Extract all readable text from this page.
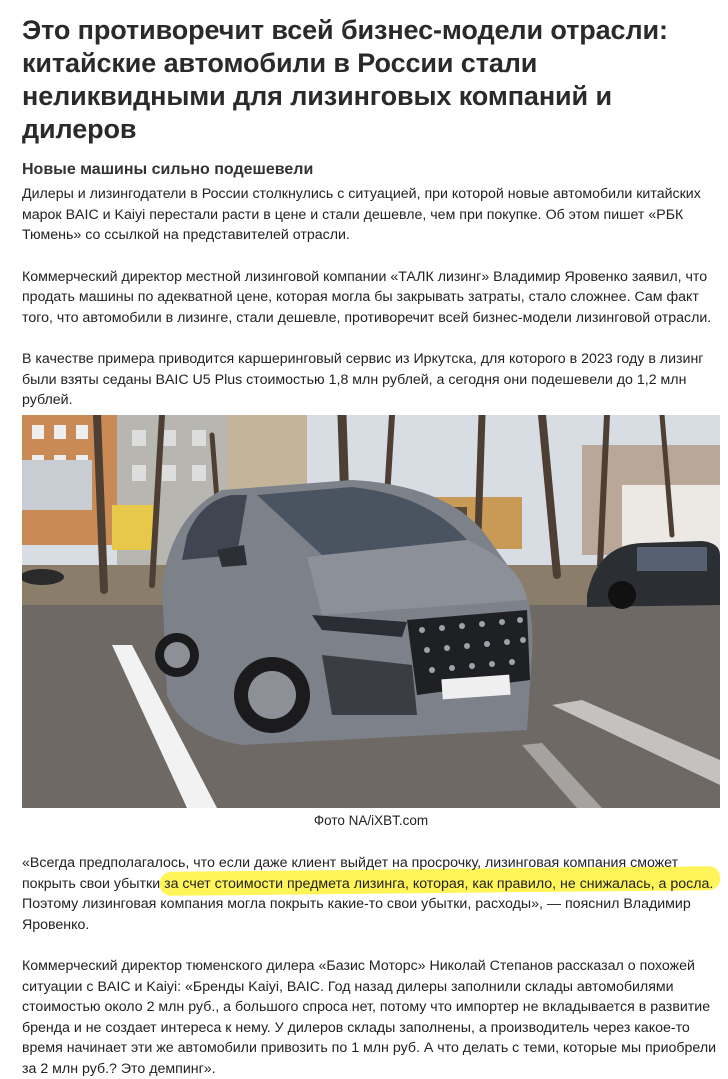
Это противоречит всей бизнес-модели отрасли: китайские автомобили в России стали неликвидными для лизинговых компаний и дилеров
Новые машины сильно подешевели

Дилеры и лизингодатели в России столкнулись с ситуацией, при которой новые автомобили китайских марок BAIC и Kaiyi перестали расти в цене и стали дешевле, чем при покупке. Об этом пишет «РБК Тюмень» со ссылкой на представителей отрасли.

Коммерческий директор местной лизинговой компании «ТАЛК лизинг» Владимир Яровенко заявил, что продать машины по адекватной цене, которая могла бы закрывать затраты, стало сложнее. Сам факт того, что автомобили в лизинге, стали дешевле, противоречит всей бизнес-модели лизинговой отрасли.

В качестве примера приводится каршеринговый сервис из Иркутска, для которого в 2023 году в лизинг были взяты седаны BAIC U5 Plus стоимостью 1,8 млн рублей, а сегодня они подешевели до 1,2 млн рублей.

Фото NA/iXBT.com

«Всегда предполагалось, что если даже клиент выйдет на просрочку, лизинговая компания сможет покрыть свои убытки за счет стоимости предмета лизинга, которая, как правило, не снижалась, а росла. Поэтому лизинговая компания могла покрыть какие-то свои убытки, расходы», — пояснил Владимир Яровенко.

Коммерческий директор тюменского дилера «Базис Моторс» Николай Степанов рассказал о похожей ситуации с BAIC и Kaiyi: «Бренды Kaiyi, BAIC. Год назад дилеры заполнили склады автомобилями стоимостью около 2 млн руб., а большого спроса нет, потому что импортер не вкладывается в развитие бренда и не создает интереса к нему. У дилеров склады заполнены, а производитель через какое-то время начинает эти же автомобили привозить по 1 млн руб. А что делать с теми, которые мы приобрели за 2 млн руб.? Это демпинг».
